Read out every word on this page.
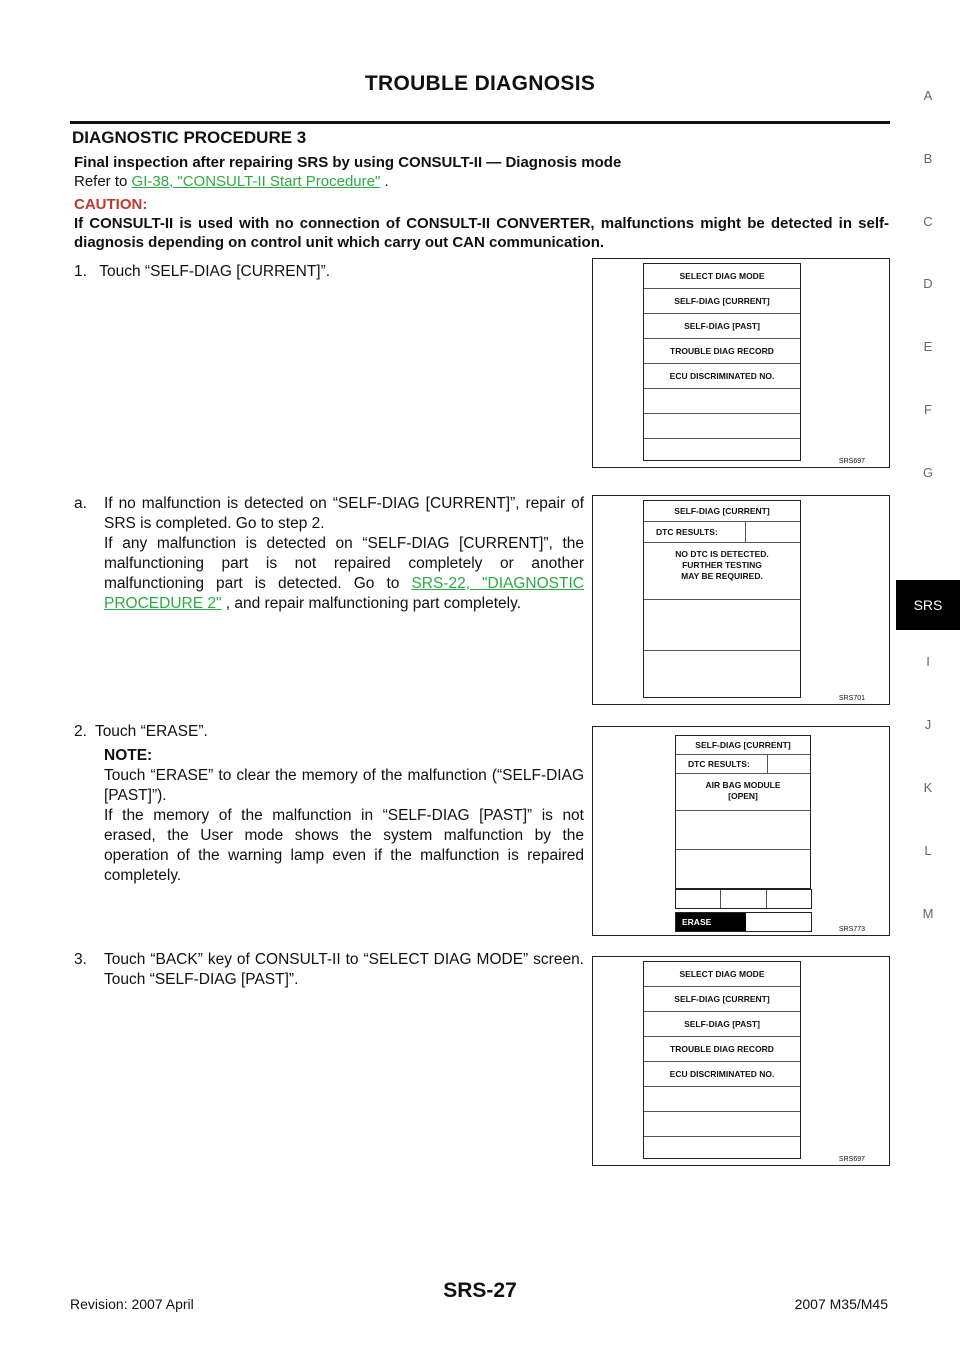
TROUBLE DIAGNOSIS
DIAGNOSTIC PROCEDURE 3
Final inspection after repairing SRS by using CONSULT-II — Diagnosis mode
Refer to GI-38, "CONSULT-II Start Procedure" .
CAUTION:
If CONSULT-II is used with no connection of CONSULT-II CONVERTER, malfunctions might be detected in self-diagnosis depending on control unit which carry out CAN communication.
1. Touch “SELF-DIAG [CURRENT]”.
a. If no malfunction is detected on “SELF-DIAG [CURRENT]”, repair of SRS is completed. Go to step 2.
If any malfunction is detected on “SELF-DIAG [CURRENT]”, the malfunctioning part is not repaired completely or another malfunctioning part is detected. Go to SRS-22, "DIAGNOSTIC PROCEDURE 2" , and repair malfunctioning part completely.
2. Touch “ERASE”.
NOTE:
Touch “ERASE” to clear the memory of the malfunction (“SELF-DIAG [PAST]”).
If the memory of the malfunction in “SELF-DIAG [PAST]” is not erased, the User mode shows the system malfunction by the operation of the warning lamp even if the malfunction is repaired completely.
3. Touch “BACK” key of CONSULT-II to “SELECT DIAG MODE” screen. Touch “SELF-DIAG [PAST]”.
SELECT DIAG MODE
SELF-DIAG [CURRENT]
SELF-DIAG [PAST]
TROUBLE DIAG RECORD
ECU DISCRIMINATED NO.
SRS697
SELF-DIAG [CURRENT]
DTC RESULTS:
NO DTC IS DETECTED.
FURTHER TESTING
MAY BE REQUIRED.
SRS701
SELF-DIAG [CURRENT]
DTC RESULTS:
AIR BAG MODULE
[OPEN]
ERASE
SRS773
SELECT DIAG MODE
SELF-DIAG [CURRENT]
SELF-DIAG [PAST]
TROUBLE DIAG RECORD
ECU DISCRIMINATED NO.
SRS697
A
B
C
D
E
F
G
SRS
I
J
K
L
M
Revision: 2007 April
SRS-27
2007 M35/M45
